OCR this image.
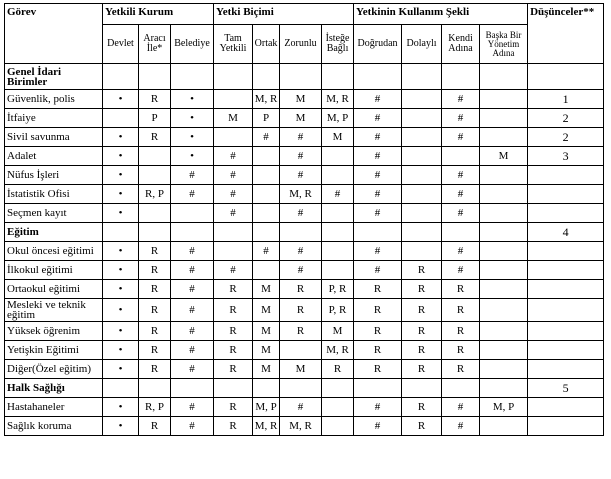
Görev	Yetkili Kurum			Yetki Biçimi				Yetkinin Kullanım Şekli				Düşünceler**
	Devlet	Aracı İle*	Belediye	Tam Yetkili	Ortak	Zorunlu	İsteğe Bağlı	Doğrudan	Dolaylı	Kendi Adına	Başka Bir Yönetim Adına	
Genel İdari Birimler												
Güvenlik, polis	•	R	•		M, R	M	M, R	#		#		1
İtfaiye		P	•	M	P	M	M, P	#		#		2
Sivil savunma	•	R	•		#	#	M	#		#		2
Adalet	•		•	#		#		#			M	3
Nüfus İşleri	•		#	#		#		#		#		
İstatistik Ofisi	•	R, P	#	#		M, R	#	#		#		
Seçmen kayıt	•			#		#		#		#		
Eğitim												4
Okul öncesi eğitimi	•	R	#		#	#		#		#		
İlkokul eğitimi	•	R	#	#		#		#	R	#		
Ortaokul eğitimi	•	R	#	R	M	R	P, R	R	R	R		
Mesleki ve teknik eğitim	•	R	#	R	M	R	P, R	R	R	R		
Yüksek öğrenim	•	R	#	R	M	R	M	R	R	R		
Yetişkin Eğitimi	•	R	#	R	M		M, R	R	R	R		
Diğer(Özel eğitim)	•	R	#	R	M	M	R	R	R	R		
Halk Sağlığı												5
Hastahaneler	•	R, P	#	R	M, P	#		#	R	#	M, P	
Sağlık koruma	•	R	#	R	M, R	M, R		#	R	#		
